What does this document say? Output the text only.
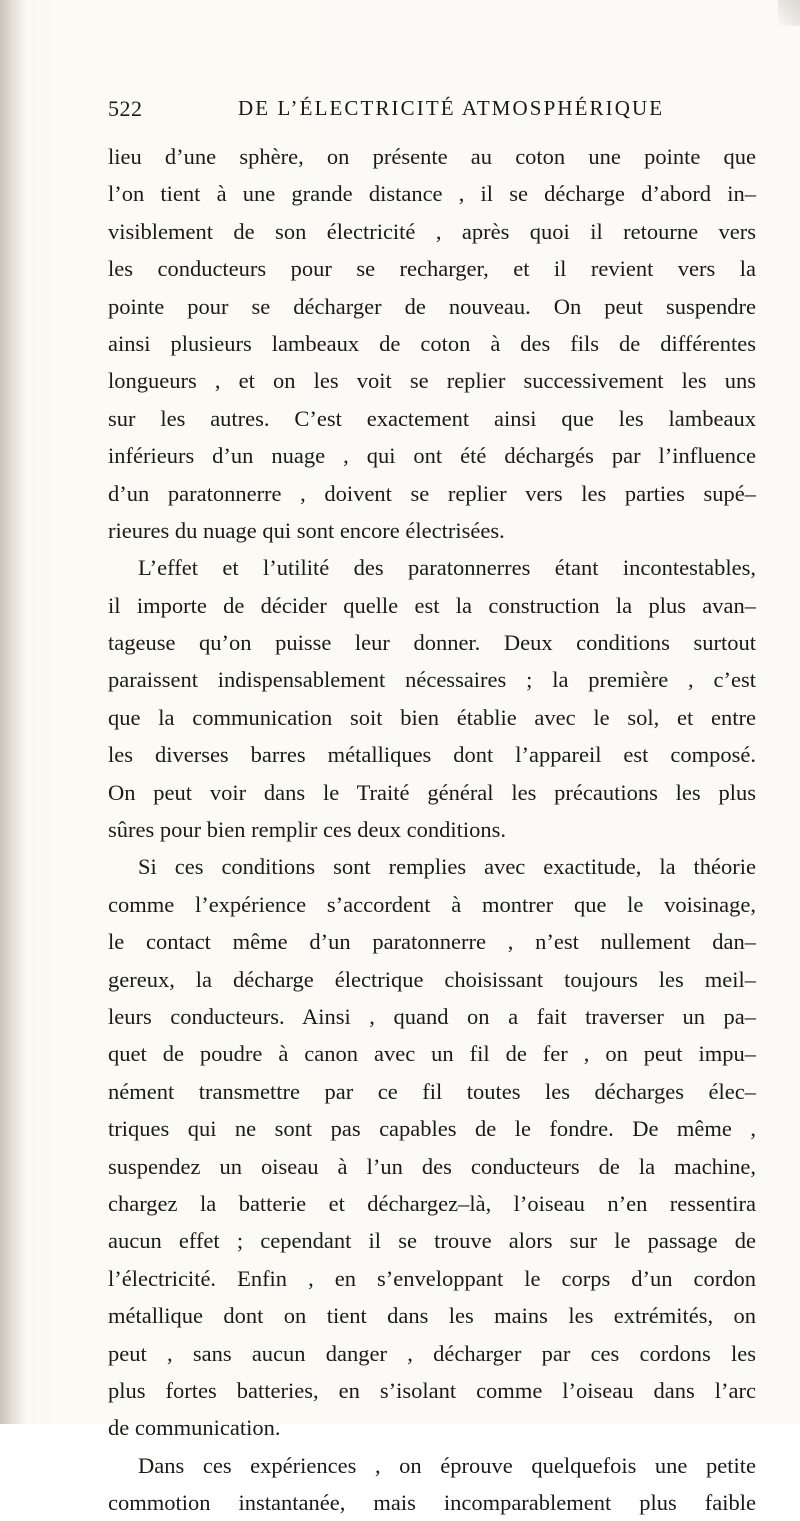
522	DE L’ÉLECTRICITÉ ATMOSPHÉRIQUE
lieu d’une sphère, on présente au coton une pointe que
l’on tient à une grande distance , il se décharge d’abord in–
visiblement de son électricité , après quoi il retourne vers
les conducteurs pour se recharger, et il revient vers la
pointe pour se décharger de nouveau. On peut suspendre
ainsi plusieurs lambeaux de coton à des fils de différentes
longueurs , et on les voit se replier successivement les uns
sur les autres. C’est exactement ainsi que les lambeaux
inférieurs d’un nuage , qui ont été déchargés par l’influence
d’un paratonnerre , doivent se replier vers les parties supé–
rieures du nuage qui sont encore électrisées.
L’effet et l’utilité des paratonnerres étant incontestables,
il importe de décider quelle est la construction la plus avan–
tageuse qu’on puisse leur donner. Deux conditions surtout
paraissent indispensablement nécessaires ; la première , c’est
que la communication soit bien établie avec le sol, et entre
les diverses barres métalliques dont l’appareil est composé.
On peut voir dans le Traité général les précautions les plus
sûres pour bien remplir ces deux conditions.
Si ces conditions sont remplies avec exactitude, la théorie
comme l’expérience s’accordent à montrer que le voisinage,
le contact même d’un paratonnerre , n’est nullement dan–
gereux, la décharge électrique choisissant toujours les meil–
leurs conducteurs. Ainsi , quand on a fait traverser un pa–
quet de poudre à canon avec un fil de fer , on peut impu–
nément transmettre par ce fil toutes les décharges élec–
triques qui ne sont pas capables de le fondre. De même ,
suspendez un oiseau à l’un des conducteurs de la machine,
chargez la batterie et déchargez–là, l’oiseau n’en ressentira
aucun effet ; cependant il se trouve alors sur le passage de
l’électricité. Enfin , en s’enveloppant le corps d’un cordon
métallique dont on tient dans les mains les extrémités, on
peut , sans aucun danger , décharger par ces cordons les
plus fortes batteries, en s’isolant comme l’oiseau dans l’arc
de communication.
Dans ces expériences , on éprouve quelquefois une petite
commotion instantanée, mais incomparablement plus faible
